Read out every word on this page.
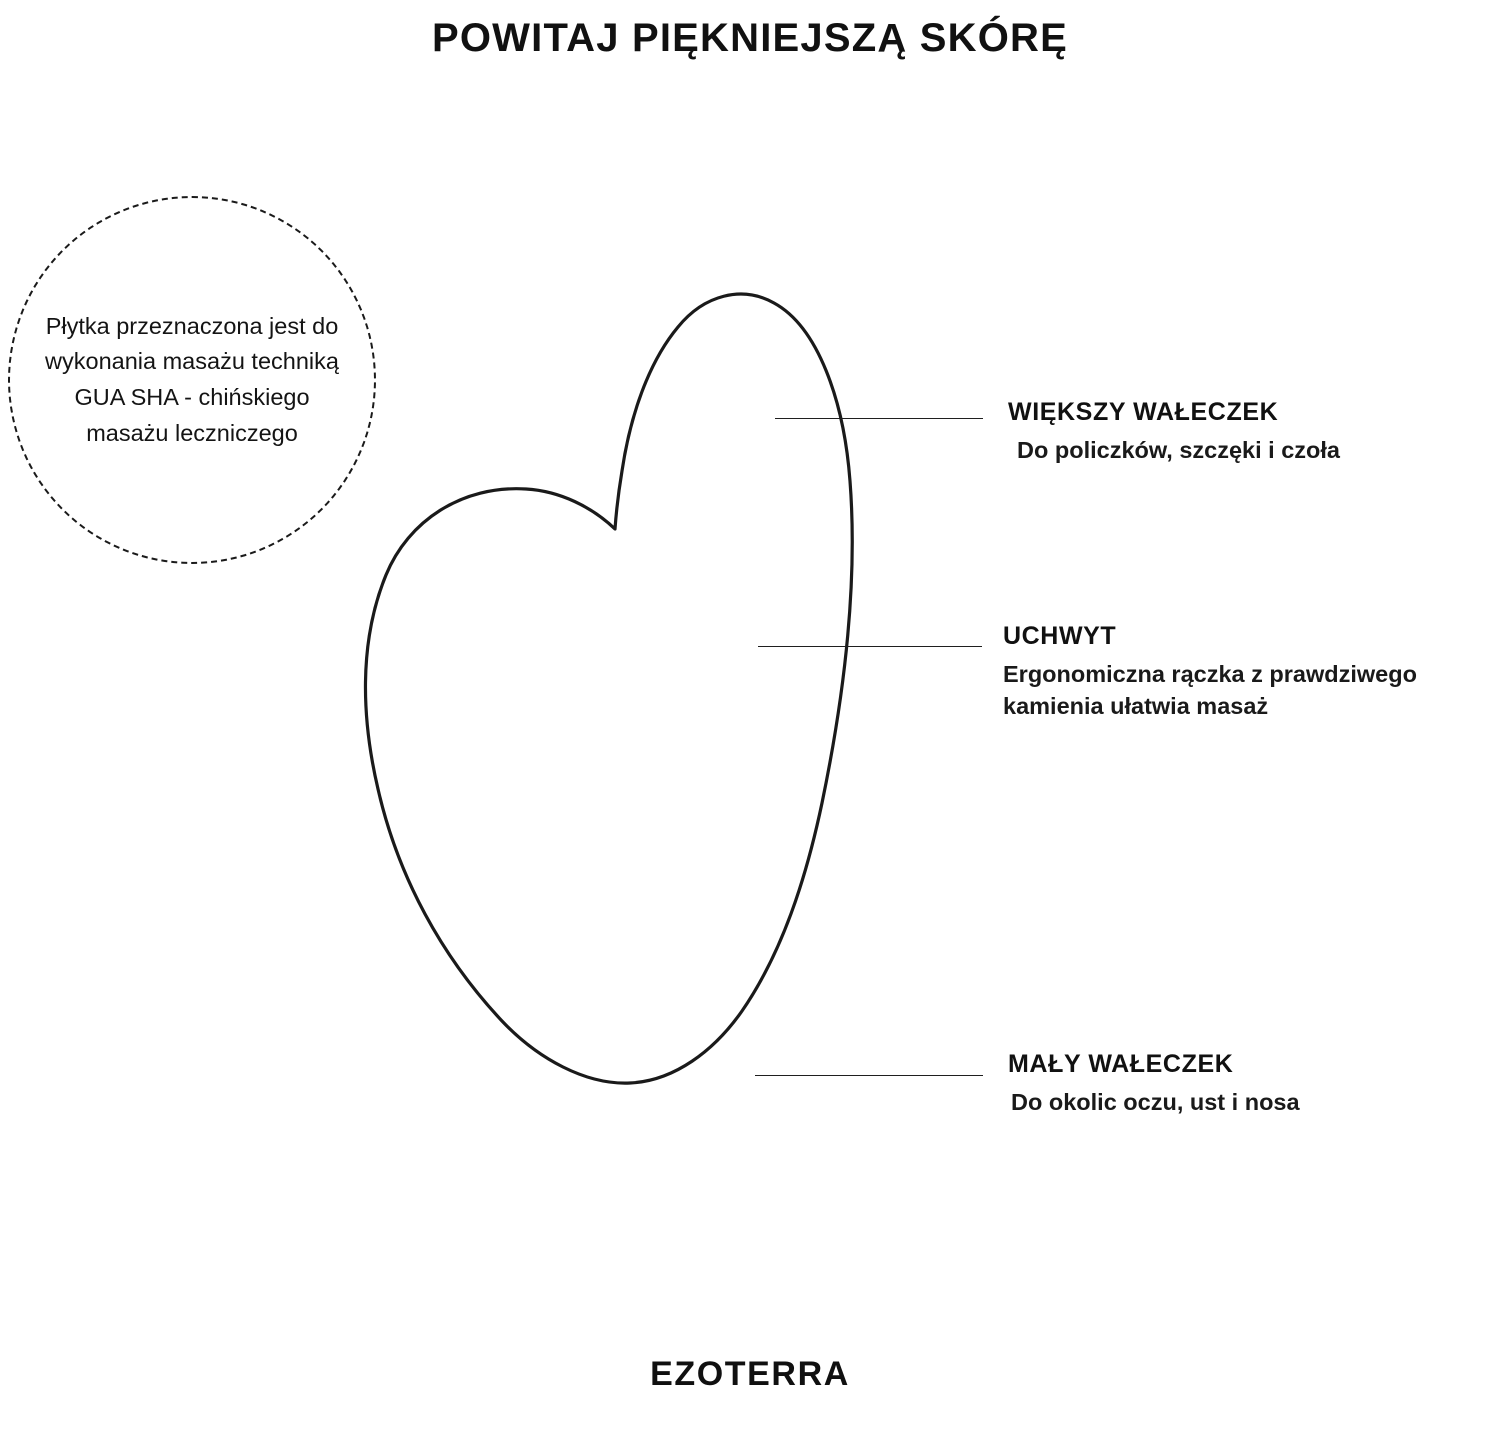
POWITAJ PIĘKNIEJSZĄ SKÓRĘ
Płytka przeznaczona jest do wykonania masażu techniką GUA SHA - chińskiego masażu leczniczego
WIĘKSZY WAŁECZEK
Do policzków, szczęki i czoła
UCHWYT
Ergonomiczna rączka z prawdziwego kamienia ułatwia masaż
MAŁY WAŁECZEK
Do okolic oczu, ust i nosa
EZOTERRA
